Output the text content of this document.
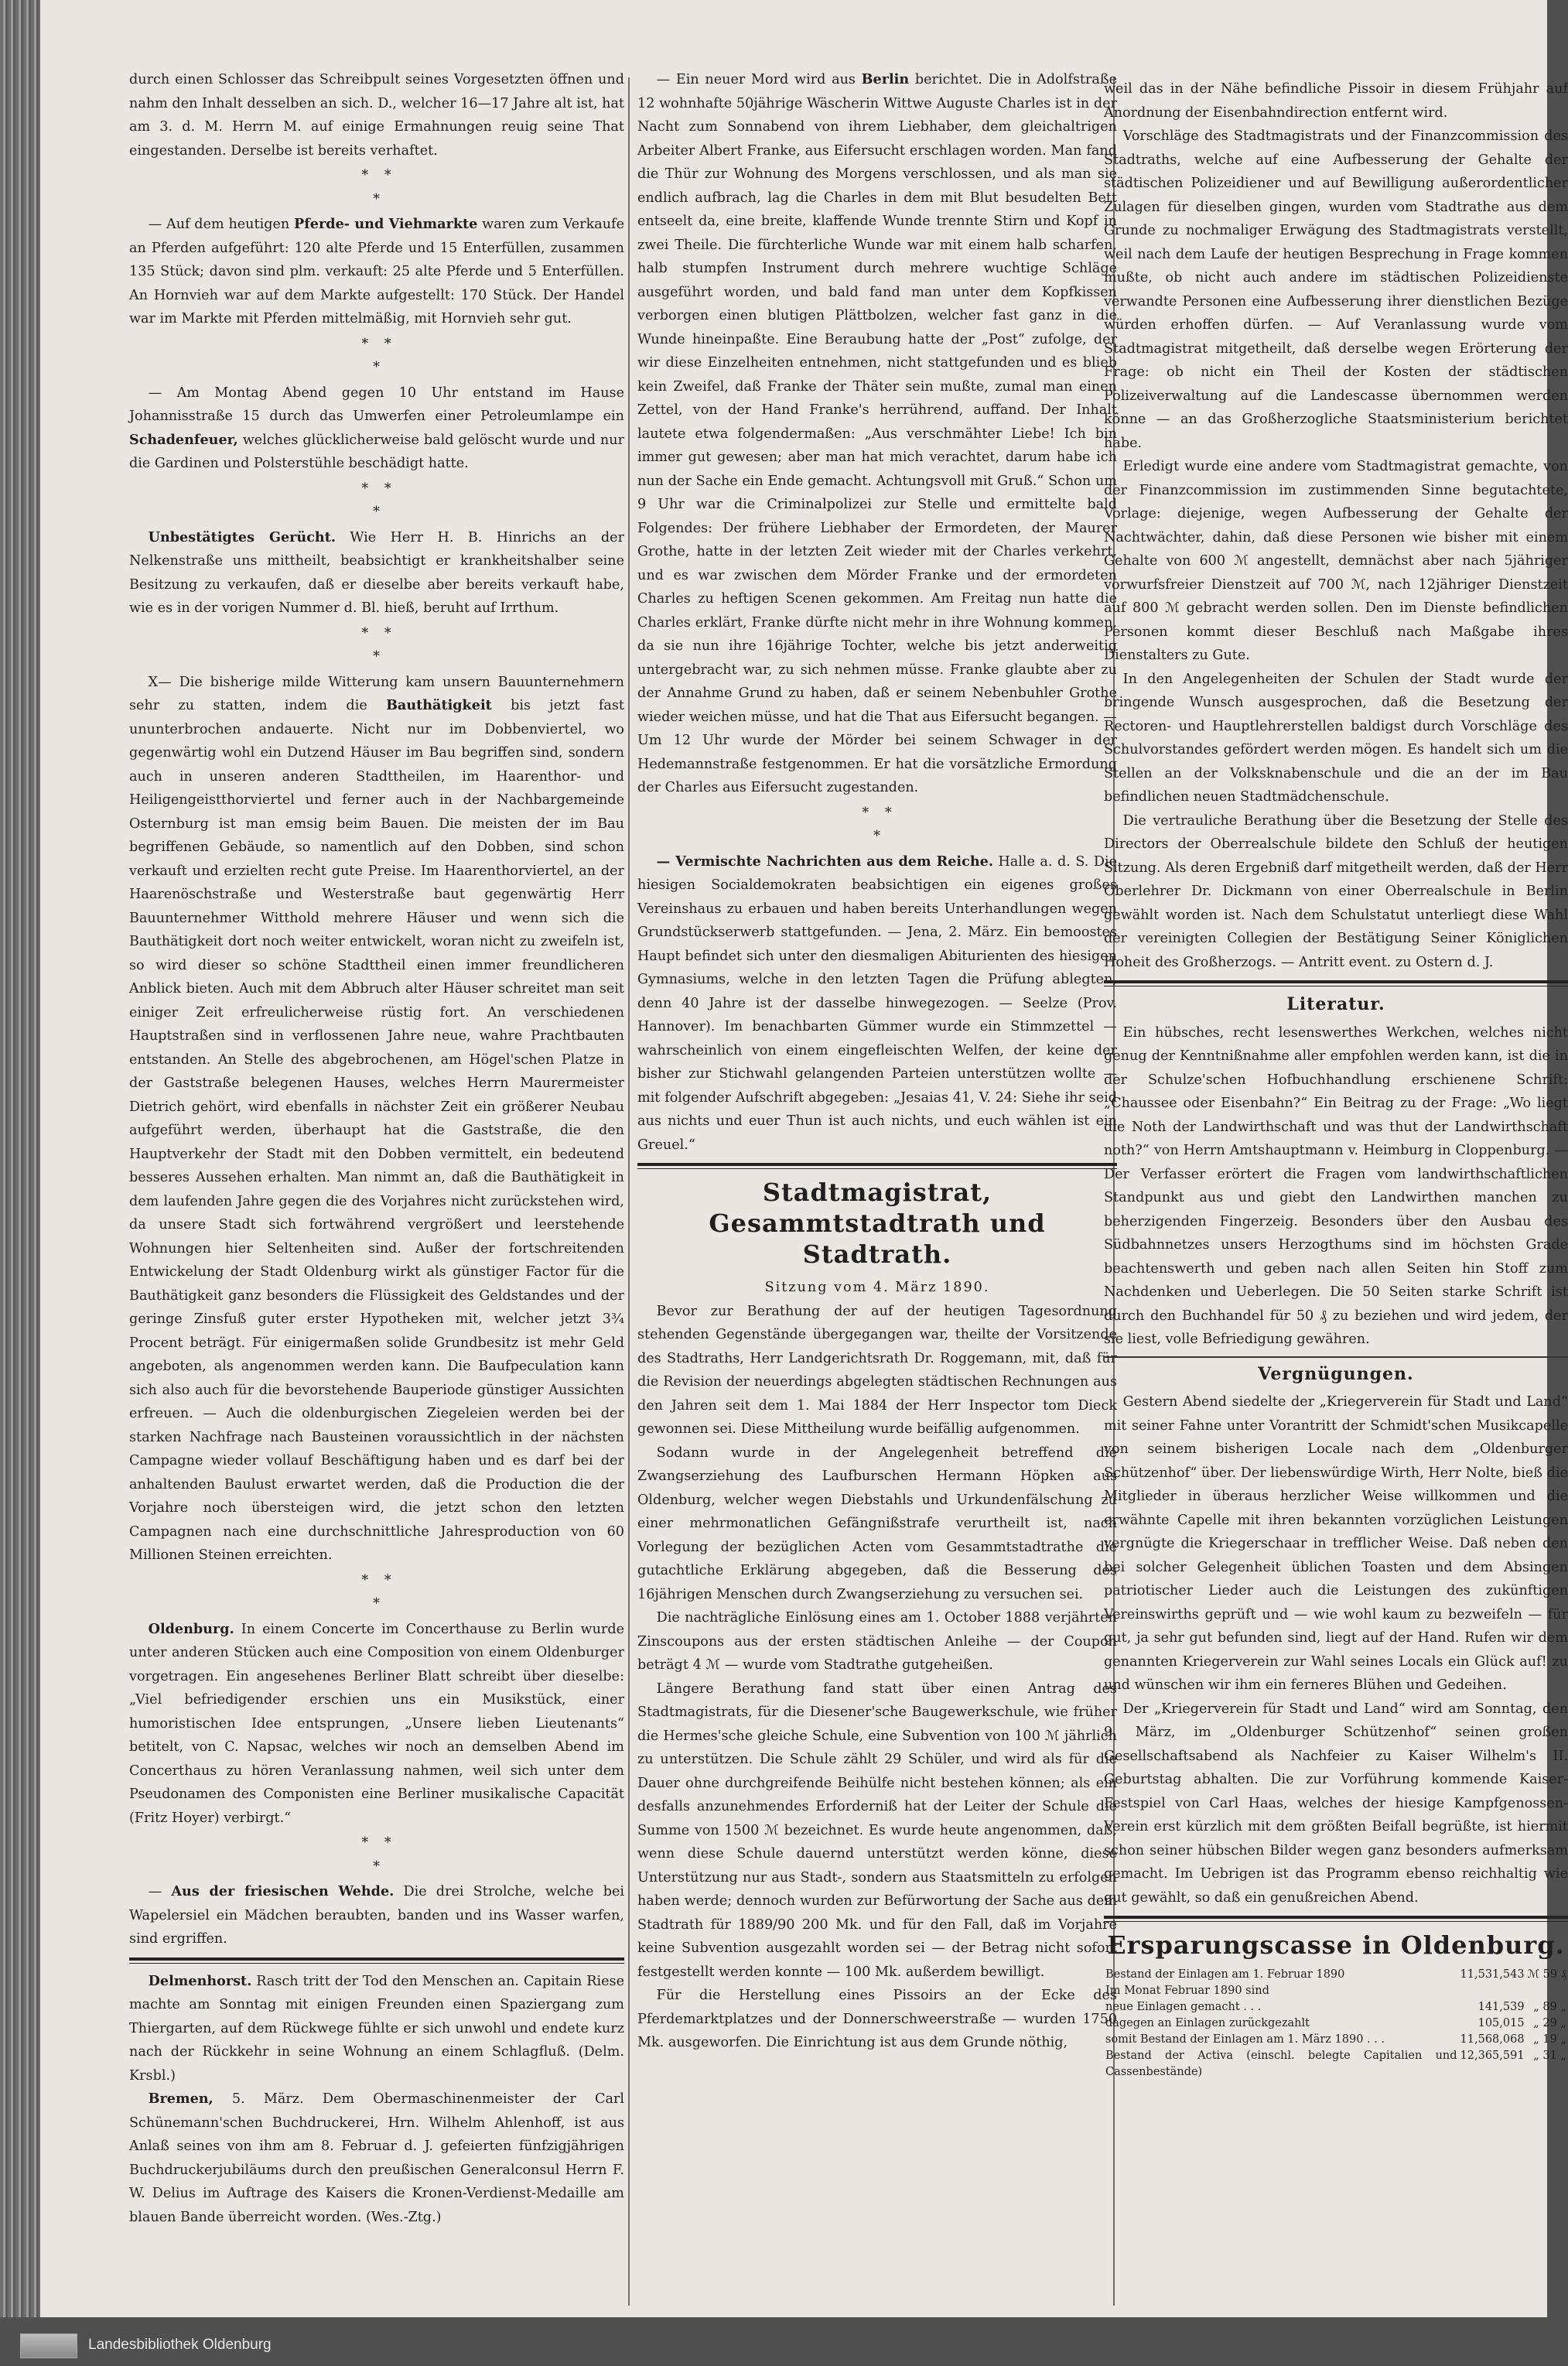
durch einen Schlosser das Schreibpult seines Vorgesetzten öffnen und nahm den Inhalt desselben an sich. D., welcher 16—17 Jahre alt ist, hat am 3. d. M. Herrn M. auf einige Ermahnungen reuig seine That eingestanden. Derselbe ist bereits verhaftet.

*   *
*

— Auf dem heutigen Pferde- und Viehmarkte waren zum Verkaufe an Pferden aufgeführt: 120 alte Pferde und 15 Enterfüllen, zusammen 135 Stück; davon sind plm. verkauft: 25 alte Pferde und 5 Enterfüllen. An Hornvieh war auf dem Markte aufgestellt: 170 Stück. Der Handel war im Markte mit Pferden mittelmäßig, mit Hornvieh sehr gut.

*   *
*

— Am Montag Abend gegen 10 Uhr entstand im Hause Johannisstraße 15 durch das Umwerfen einer Petroleumlampe ein Schadenfeuer, welches glücklicherweise bald gelöscht wurde und nur die Gardinen und Polsterstühle beschädigt hatte.

*   *
*

Unbestätigtes Gerücht. Wie Herr H. B. Hinrichs an der Nelkenstraße uns mittheilt, beabsichtigt er krankheitshalber seine Besitzung zu verkaufen, daß er dieselbe aber bereits verkauft habe, wie es in der vorigen Nummer d. Bl. hieß, beruht auf Irrthum.

*   *
*

X— Die bisherige milde Witterung kam unsern Bauunternehmern sehr zu statten, indem die Bauthätigkeit bis jetzt fast ununterbrochen andauerte. Nicht nur im Dobbenviertel, wo gegenwärtig wohl ein Dutzend Häuser im Bau begriffen sind, sondern auch in unseren anderen Stadttheilen, im Haarenthor- und Heiligengeistthorviertel und ferner auch in der Nachbargemeinde Osternburg ist man emsig beim Bauen. Die meisten der im Bau begriffenen Gebäude, so namentlich auf den Dobben, sind schon verkauft und erzielten recht gute Preise. Im Haarenthorviertel, an der Haarenöschstraße und Westerstraße baut gegenwärtig Herr Bauunternehmer Witthold mehrere Häuser und wenn sich die Bauthätigkeit dort noch weiter entwickelt, woran nicht zu zweifeln ist, so wird dieser so schöne Stadttheil einen immer freundlicheren Anblick bieten. Auch mit dem Abbruch alter Häuser schreitet man seit einiger Zeit erfreulicherweise rüstig fort. An verschiedenen Hauptstraßen sind in verflossenen Jahre neue, wahre Prachtbauten entstanden. An Stelle des abgebrochenen, am Högel'schen Platze in der Gaststraße belegenen Hauses, welches Herrn Maurermeister Dietrich gehört, wird ebenfalls in nächster Zeit ein größerer Neubau aufgeführt werden, überhaupt hat die Gaststraße, die den Hauptverkehr der Stadt mit den Dobben vermittelt, ein bedeutend besseres Aussehen erhalten. Man nimmt an, daß die Bauthätigkeit in dem laufenden Jahre gegen die des Vorjahres nicht zurückstehen wird, da unsere Stadt sich fortwährend vergrößert und leerstehende Wohnungen hier Seltenheiten sind. Außer der fortschreitenden Entwickelung der Stadt Oldenburg wirkt als günstiger Factor für die Bauthätigkeit ganz besonders die Flüssigkeit des Geldstandes und der geringe Zinsfuß guter erster Hypotheken mit, welcher jetzt 3¾ Procent beträgt. Für einigermaßen solide Grundbesitz ist mehr Geld angeboten, als angenommen werden kann. Die Baufpeculation kann sich also auch für die bevorstehende Bauperiode günstiger Aussichten erfreuen. — Auch die oldenburgischen Ziegeleien werden bei der starken Nachfrage nach Bausteinen voraussichtlich in der nächsten Campagne wieder vollauf Beschäftigung haben und es darf bei der anhaltenden Baulust erwartet werden, daß die Production die der Vorjahre noch übersteigen wird, die jetzt schon den letzten Campagnen nach eine durchschnittliche Jahresproduction von 60 Millionen Steinen erreichten.

*   *
*

Oldenburg. In einem Concerte im Concerthause zu Berlin wurde unter anderen Stücken auch eine Composition von einem Oldenburger vorgetragen. Ein angesehenes Berliner Blatt schreibt über dieselbe: „Viel befriedigender erschien uns ein Musikstück, einer humoristischen Idee entsprungen, „Unsere lieben Lieutenants“ betitelt, von C. Napsac, welches wir noch an demselben Abend im Concerthaus zu hören Veranlassung nahmen, weil sich unter dem Pseudonamen des Componisten eine Berliner musikalische Capacität (Fritz Hoyer) verbirgt.“

*   *
*

— Aus der friesischen Wehde. Die drei Strolche, welche bei Wapelersiel ein Mädchen beraubten, banden und ins Wasser warfen, sind ergriffen.

Delmenhorst. Rasch tritt der Tod den Menschen an. Capitain Riese machte am Sonntag mit einigen Freunden einen Spaziergang zum Thiergarten, auf dem Rückwege fühlte er sich unwohl und endete kurz nach der Rückkehr in seine Wohnung an einem Schlagfluß. (Delm. Krsbl.)

Bremen, 5. März. Dem Obermaschinenmeister der Carl Schünemann'schen Buchdruckerei, Hrn. Wilhelm Ahlenhoff, ist aus Anlaß seines von ihm am 8. Februar d. J. gefeierten fünfzigjährigen Buchdruckerjubiläums durch den preußischen Generalconsul Herrn F. W. Delius im Auftrage des Kaisers die Kronen-Verdienst-Medaille am blauen Bande überreicht worden. (Wes.-Ztg.)

— Ein neuer Mord wird aus Berlin berichtet. Die in Adolfstraße 12 wohnhafte 50jährige Wäscherin Wittwe Auguste Charles ist in der Nacht zum Sonnabend von ihrem Liebhaber, dem gleichaltrigen Arbeiter Albert Franke, aus Eifersucht erschlagen worden. Man fand die Thür zur Wohnung des Morgens verschlossen, und als man sie endlich aufbrach, lag die Charles in dem mit Blut besudelten Bett entseelt da, eine breite, klaffende Wunde trennte Stirn und Kopf in zwei Theile. Die fürchterliche Wunde war mit einem halb scharfen, halb stumpfen Instrument durch mehrere wuchtige Schläge ausgeführt worden, und bald fand man unter dem Kopfkissen verborgen einen blutigen Plättbolzen, welcher fast ganz in die Wunde hineinpaßte. Eine Beraubung hatte der „Post“ zufolge, der wir diese Einzelheiten entnehmen, nicht stattgefunden und es blieb kein Zweifel, daß Franke der Thäter sein mußte, zumal man einen Zettel, von der Hand Franke's herrührend, auffand. Der Inhalt lautete etwa folgendermaßen: „Aus verschmähter Liebe! Ich bin immer gut gewesen; aber man hat mich verachtet, darum habe ich nun der Sache ein Ende gemacht. Achtungsvoll mit Gruß.“ Schon um 9 Uhr war die Criminalpolizei zur Stelle und ermittelte bald Folgendes: Der frühere Liebhaber der Ermordeten, der Maurer Grothe, hatte in der letzten Zeit wieder mit der Charles verkehrt, und es war zwischen dem Mörder Franke und der ermordeten Charles zu heftigen Scenen gekommen. Am Freitag nun hatte die Charles erklärt, Franke dürfte nicht mehr in ihre Wohnung kommen, da sie nun ihre 16jährige Tochter, welche bis jetzt anderweitig untergebracht war, zu sich nehmen müsse. Franke glaubte aber zu der Annahme Grund zu haben, daß er seinem Nebenbuhler Grothe wieder weichen müsse, und hat die That aus Eifersucht begangen. — Um 12 Uhr wurde der Mörder bei seinem Schwager in der Hedemannstraße festgenommen. Er hat die vorsätzliche Ermordung der Charles aus Eifersucht zugestanden.

*   *
*

— Vermischte Nachrichten aus dem Reiche. Halle a. d. S. Die hiesigen Socialdemokraten beabsichtigen ein eigenes großes Vereinshaus zu erbauen und haben bereits Unterhandlungen wegen Grundstückserwerb stattgefunden. — Jena, 2. März. Ein bemoostes Haupt befindet sich unter den diesmaligen Abiturienten des hiesigen Gymnasiums, welche in den letzten Tagen die Prüfung ablegten, denn 40 Jahre ist der dasselbe hinwegezogen. — Seelze (Prov. Hannover). Im benachbarten Gümmer wurde ein Stimmzettel — wahrscheinlich von einem eingefleischten Welfen, der keine der bisher zur Stichwahl gelangenden Parteien unterstützen wollte — mit folgender Aufschrift abgegeben: „Jesaias 41, V. 24: Siehe ihr seid aus nichts und euer Thun ist auch nichts, und euch wählen ist ein Greuel.“

Stadtmagistrat, Gesammtstadtrath und Stadtrath.
Sitzung vom 4. März 1890.

Bevor zur Berathung der auf der heutigen Tagesordnung stehenden Gegenstände übergegangen war, theilte der Vorsitzende des Stadtraths, Herr Landgerichtsrath Dr. Roggemann, mit, daß für die Revision der neuerdings abgelegten städtischen Rechnungen aus den Jahren seit dem 1. Mai 1884 der Herr Inspector tom Dieck gewonnen sei. Diese Mittheilung wurde beifällig aufgenommen.

Sodann wurde in der Angelegenheit betreffend die Zwangserziehung des Laufburschen Hermann Höpken aus Oldenburg, welcher wegen Diebstahls und Urkundenfälschung zu einer mehrmonatlichen Gefängnißstrafe verurtheilt ist, nach Vorlegung der bezüglichen Acten vom Gesammtstadtrathe die gutachtliche Erklärung abgegeben, daß die Besserung des 16jährigen Menschen durch Zwangserziehung zu versuchen sei.

Die nachträgliche Einlösung eines am 1. October 1888 verjährten Zinscoupons aus der ersten städtischen Anleihe — der Coupon beträgt 4 ℳ — wurde vom Stadtrathe gutgeheißen.

Längere Berathung fand statt über einen Antrag des Stadtmagistrats, für die Diesener'sche Baugewerkschule, wie früher die Hermes'sche gleiche Schule, eine Subvention von 100 ℳ jährlich zu unterstützen. Die Schule zählt 29 Schüler, und wird als für die Dauer ohne durchgreifende Beihülfe nicht bestehen können; als ein desfalls anzunehmendes Erforderniß hat der Leiter der Schule die Summe von 1500 ℳ bezeichnet. Es wurde heute angenommen, daß, wenn diese Schule dauernd unterstützt werden könne, diese Unterstützung nur aus Stadt-, sondern aus Staatsmitteln zu erfolgen haben werde; dennoch wurden zur Befürwortung der Sache aus dem Stadtrath für 1889/90 200 Mk. und für den Fall, daß im Vorjahre keine Subvention ausgezahlt worden sei — der Betrag nicht sofort festgestellt werden konnte — 100 Mk. außerdem bewilligt.

Für die Herstellung eines Pissoirs an der Ecke des Pferdemarktplatzes und der Donnerschweerstraße — wurden 1750 Mk. ausgeworfen. Die Einrichtung ist aus dem Grunde nöthig,

weil das in der Nähe befindliche Pissoir in diesem Frühjahr auf Anordnung der Eisenbahndirection entfernt wird.

Vorschläge des Stadtmagistrats und der Finanzcommission des Stadtraths, welche auf eine Aufbesserung der Gehalte der städtischen Polizeidiener und auf Bewilligung außerordentlicher Zulagen für dieselben gingen, wurden vom Stadtrathe aus dem Grunde zu nochmaliger Erwägung des Stadtmagistrats verstellt, weil nach dem Laufe der heutigen Besprechung in Frage kommen mußte, ob nicht auch andere im städtischen Polizeidienste verwandte Personen eine Aufbesserung ihrer dienstlichen Bezüge würden erhoffen dürfen. — Auf Veranlassung wurde vom Stadtmagistrat mitgetheilt, daß derselbe wegen Erörterung der Frage: ob nicht ein Theil der Kosten der städtischen Polizeiverwaltung auf die Landescasse übernommen werden könne — an das Großherzogliche Staatsministerium berichtet habe.

Erledigt wurde eine andere vom Stadtmagistrat gemachte, von der Finanzcommission im zustimmenden Sinne begutachtete, Vorlage: diejenige, wegen Aufbesserung der Gehalte der Nachtwächter, dahin, daß diese Personen wie bisher mit einem Gehalte von 600 ℳ angestellt, demnächst aber nach 5jähriger vorwurfsfreier Dienstzeit auf 700 ℳ, nach 12jähriger Dienstzeit auf 800 ℳ gebracht werden sollen. Den im Dienste befindlichen Personen kommt dieser Beschluß nach Maßgabe ihres Dienstalters zu Gute.

In den Angelegenheiten der Schulen der Stadt wurde der bringende Wunsch ausgesprochen, daß die Besetzung der Rectoren- und Hauptlehrerstellen baldigst durch Vorschläge des Schulvorstandes gefördert werden mögen. Es handelt sich um die Stellen an der Volksknabenschule und die an der im Bau befindlichen neuen Stadtmädchenschule.

Die vertrauliche Berathung über die Besetzung der Stelle des Directors der Oberrealschule bildete den Schluß der heutigen Sitzung. Als deren Ergebniß darf mitgetheilt werden, daß der Herr Oberlehrer Dr. Dickmann von einer Oberrealschule in Berlin gewählt worden ist. Nach dem Schulstatut unterliegt diese Wahl der vereinigten Collegien der Bestätigung Seiner Königlichen Hoheit des Großherzogs. — Antritt event. zu Ostern d. J.

Literatur.

Ein hübsches, recht lesenswerthes Werkchen, welches nicht genug der Kenntnißnahme aller empfohlen werden kann, ist die in der Schulze'schen Hofbuchhandlung erschienene Schrift: „Chaussee oder Eisenbahn?“ Ein Beitrag zu der Frage: „Wo liegt die Noth der Landwirthschaft und was thut der Landwirthschaft noth?“ von Herrn Amtshauptmann v. Heimburg in Cloppenburg. — Der Verfasser erörtert die Fragen vom landwirthschaftlichen Standpunkt aus und giebt den Landwirthen manchen zu beherzigenden Fingerzeig. Besonders über den Ausbau des Südbahnnetzes unsers Herzogthums sind im höchsten Grade beachtenswerth und geben nach allen Seiten hin Stoff zum Nachdenken und Ueberlegen. Die 50 Seiten starke Schrift ist durch den Buchhandel für 50 ₰ zu beziehen und wird jedem, der sie liest, volle Befriedigung gewähren.

Vergnügungen.

Gestern Abend siedelte der „Kriegerverein für Stadt und Land“ mit seiner Fahne unter Vorantritt der Schmidt'schen Musikcapelle von seinem bisherigen Locale nach dem „Oldenburger Schützenhof“ über. Der liebenswürdige Wirth, Herr Nolte, bieß die Mitglieder in überaus herzlicher Weise willkommen und die erwähnte Capelle mit ihren bekannten vorzüglichen Leistungen vergnügte die Kriegerschaar in trefflicher Weise. Daß neben den bei solcher Gelegenheit üblichen Toasten und dem Absingen patriotischer Lieder auch die Leistungen des zukünftigen Vereinswirths geprüft und — wie wohl kaum zu bezweifeln — für gut, ja sehr gut befunden sind, liegt auf der Hand. Rufen wir dem genannten Kriegerverein zur Wahl seines Locals ein Glück auf! zu und wünschen wir ihm ein ferneres Blühen und Gedeihen.

Der „Kriegerverein für Stadt und Land“ wird am Sonntag, den 9. März, im „Oldenburger Schützenhof“ seinen großen Gesellschaftsabend als Nachfeier zu Kaiser Wilhelm's II. Geburtstag abhalten. Die zur Vorführung kommende Kaiser-Festspiel von Carl Haas, welches der hiesige Kampfgenossen-Verein erst kürzlich mit dem größten Beifall begrüßte, ist hiermit schon seiner hübschen Bilder wegen ganz besonders aufmerksam gemacht. Im Uebrigen ist das Programm ebenso reichhaltig wie gut gewählt, so daß ein genußreichen Abend.

Ersparungscasse in Oldenburg.
Bestand der Einlagen am 1. Februar 1890	11,531,543	ℳ 59 ₰
Im Monat Februar 1890 sind		
neue Einlagen gemacht . . .	141,539	„ 89 „
dagegen an Einlagen zurückgezahlt	105,015	„ 29 „
somit Bestand der Einlagen am 1. März 1890 . . .	11,568,068	„ 19 „
Bestand der Activa (einschl. belegte Capitalien und Cassenbestände)	12,365,591	„ 31 „
Landesbibliothek Oldenburg
